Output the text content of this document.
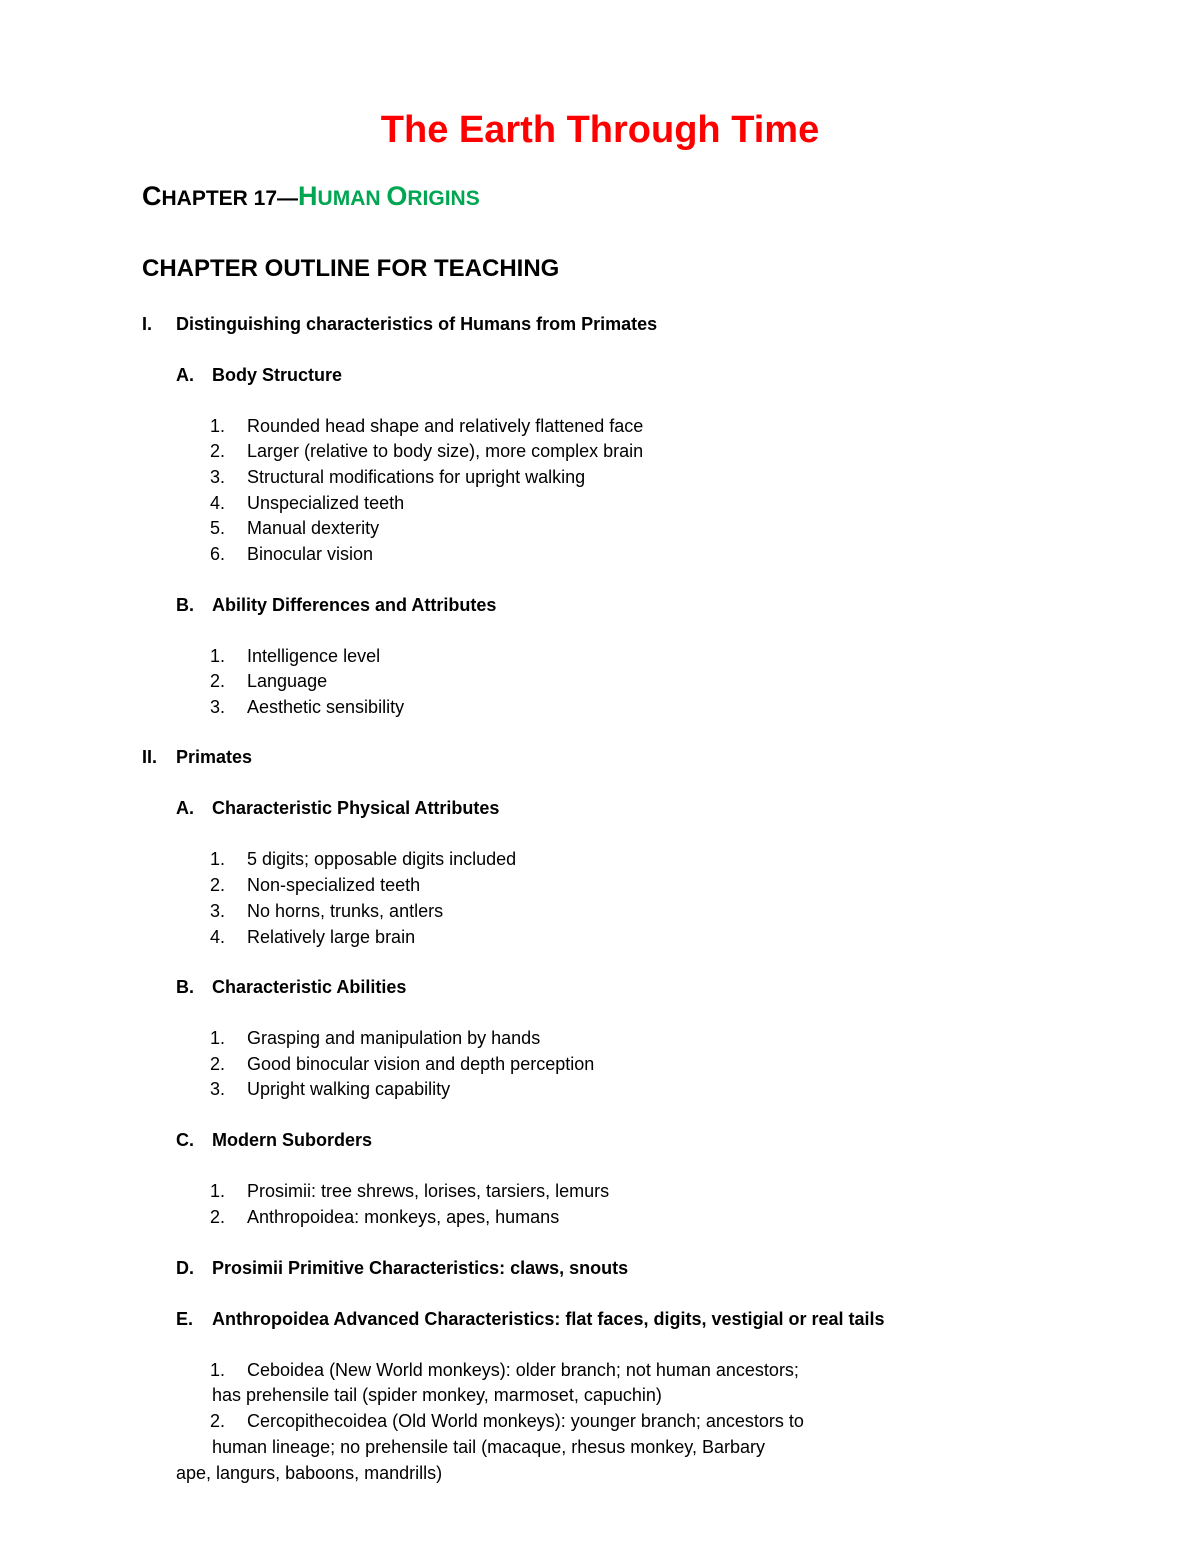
The Earth Through Time
CHAPTER 17—HUMAN ORIGINS
CHAPTER OUTLINE FOR TEACHING
I. Distinguishing characteristics of Humans from Primates
A. Body Structure
1. Rounded head shape and relatively flattened face
2. Larger (relative to body size), more complex brain
3. Structural modifications for upright walking
4. Unspecialized teeth
5. Manual dexterity
6. Binocular vision
B. Ability Differences and Attributes
1. Intelligence level
2. Language
3. Aesthetic sensibility
II. Primates
A. Characteristic Physical Attributes
1. 5 digits; opposable digits included
2. Non-specialized teeth
3. No horns, trunks, antlers
4. Relatively large brain
B. Characteristic Abilities
1. Grasping and manipulation by hands
2. Good binocular vision and depth perception
3. Upright walking capability
C. Modern Suborders
1. Prosimii: tree shrews, lorises, tarsiers, lemurs
2. Anthropoidea: monkeys, apes, humans
D. Prosimii Primitive Characteristics: claws, snouts
E. Anthropoidea Advanced Characteristics: flat faces, digits, vestigial or real tails
1. Ceboidea (New World monkeys): older branch; not human ancestors;
has prehensile tail (spider monkey, marmoset, capuchin)
2. Cercopithecoidea (Old World monkeys): younger branch; ancestors to
human lineage; no prehensile tail (macaque, rhesus monkey, Barbary
ape, langurs, baboons, mandrills)
